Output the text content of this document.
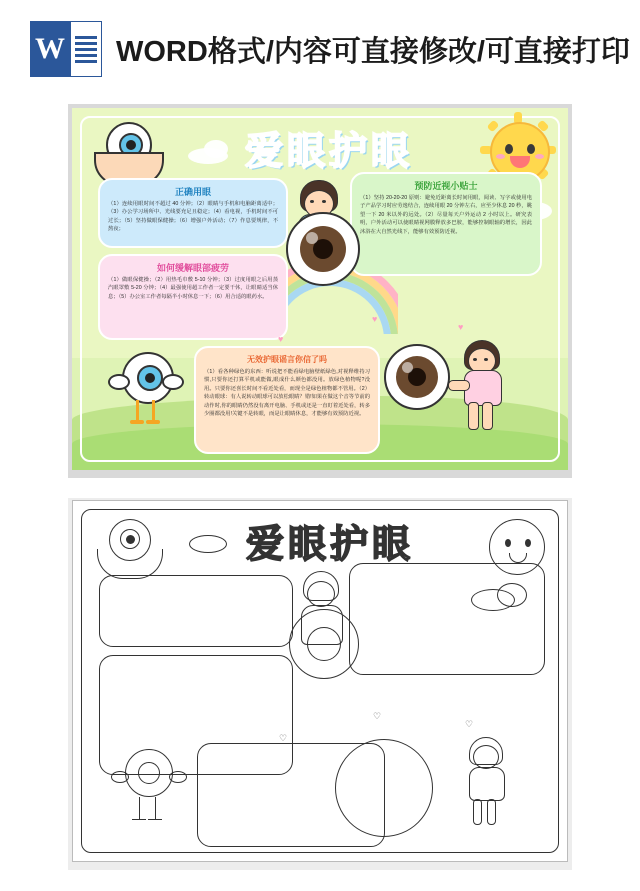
W WORD格式/内容可直接修改/可直接打印
爱 眼 护 眼
正确用眼

（1）连续用眼时间不超过 40 分钟；（2）眼睛与手机和电脑距离适中；（3）办公学习场所中、光线要充足且稳定；（4）看电视，手机时间不可过长；（5）坚持做眼保健操；（6）增强户外活动；（7）作息要规律，不熬夜；

如何缓解眼部疲劳

（1）做眼保健操；（2）用热毛巾敷 5-10 分钟；（3）过度用眼之后用蒸汽眼罩敷 5-20 分钟；（4）最强使用超工作者一定要干休，让眼睛适当休息；（5）办公室工作者每隔半小时休息一下；（6）用合适的眼药水。

预防近视小贴士

（1）坚持 20-20-20 原则：避免近距离长时间用眼，阅读、写字或使用电子产品学习时应劳逸结合，连续用眼 20 分钟左右，应至少休息 20 秒，眺望一下 20 米以外的远处。（2）尽量每天户外运动 2 小时以上。研究表明，户外活动可以使眼睛视网膜释放多巴胺，能够控制眼轴的增长，因此沐浴在大自然光线下，能够有效预防近视。

无效护眼谣言你信了吗

（1）看各种绿色的东西：听说把不能看绿电脑壁纸绿色,对视释维持习惯,只要你还打算平机或能做,眼成什么颜色都没用。放绿色植物呢?没用。只要你还喜长时间不看近处看，而现全是绿色植物都不管用。（2）转动眼球：有人说转动眼球可以放松眼睛？错!如果在做这个音等节前的动作时,你的眼睛仍然没有离开电脑、手机或还是一直盯着近处看，转多少圈都没用!关键不是转眼，而是让眼睛休息，才能够有效预防近视。

♥
♥
♥
爱 眼 护 眼
♡
♡
♡
